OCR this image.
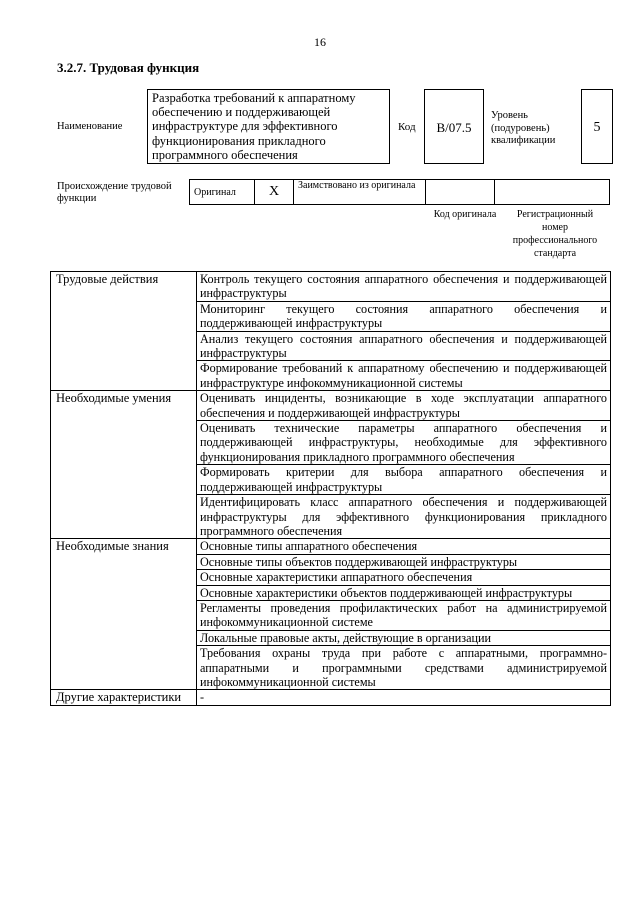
16
3.2.7. Трудовая функция
Наименование
Разработка требований к аппаратному обеспечению и поддерживающей инфраструктуре для эффективного функционирования прикладного программного обеспечения
Код	B/07.5
Уровень (подуровень) квалификации
5
Происхождение трудовой функции
Оригинал	X	Заимствовано из оригинала		
Код оригинала	Регистрационный номер профессионального стандарта
Трудовые действия	Контроль текущего состояния аппаратного обеспечения и поддерживающей инфраструктуры
	Мониторинг текущего состояния аппаратного обеспечения и поддерживающей инфраструктуры
	Анализ текущего состояния аппаратного обеспечения и поддерживающей инфраструктуры
	Формирование требований к аппаратному обеспечению и поддерживающей инфраструктуре инфокоммуникационной системы
Необходимые умения	Оценивать инциденты, возникающие в ходе эксплуатации аппаратного обеспечения и поддерживающей инфраструктуры
	Оценивать технические параметры аппаратного обеспечения и поддерживающей инфраструктуры, необходимые для эффективного функционирования прикладного программного обеспечения
	Формировать критерии для выбора аппаратного обеспечения и поддерживающей инфраструктуры
	Идентифицировать класс аппаратного обеспечения и поддерживающей инфраструктуры для эффективного функционирования прикладного программного обеспечения
Необходимые знания	Основные типы аппаратного обеспечения
	Основные типы объектов поддерживающей инфраструктуры
	Основные характеристики аппаратного обеспечения
	Основные характеристики объектов поддерживающей инфраструктуры
	Регламенты проведения профилактических работ на администрируемой инфокоммуникационной системе
	Локальные правовые акты, действующие в организации
	Требования охраны труда при работе с аппаратными, программно-аппаратными и программными средствами администрируемой инфокоммуникационной системы
Другие характеристики	-
